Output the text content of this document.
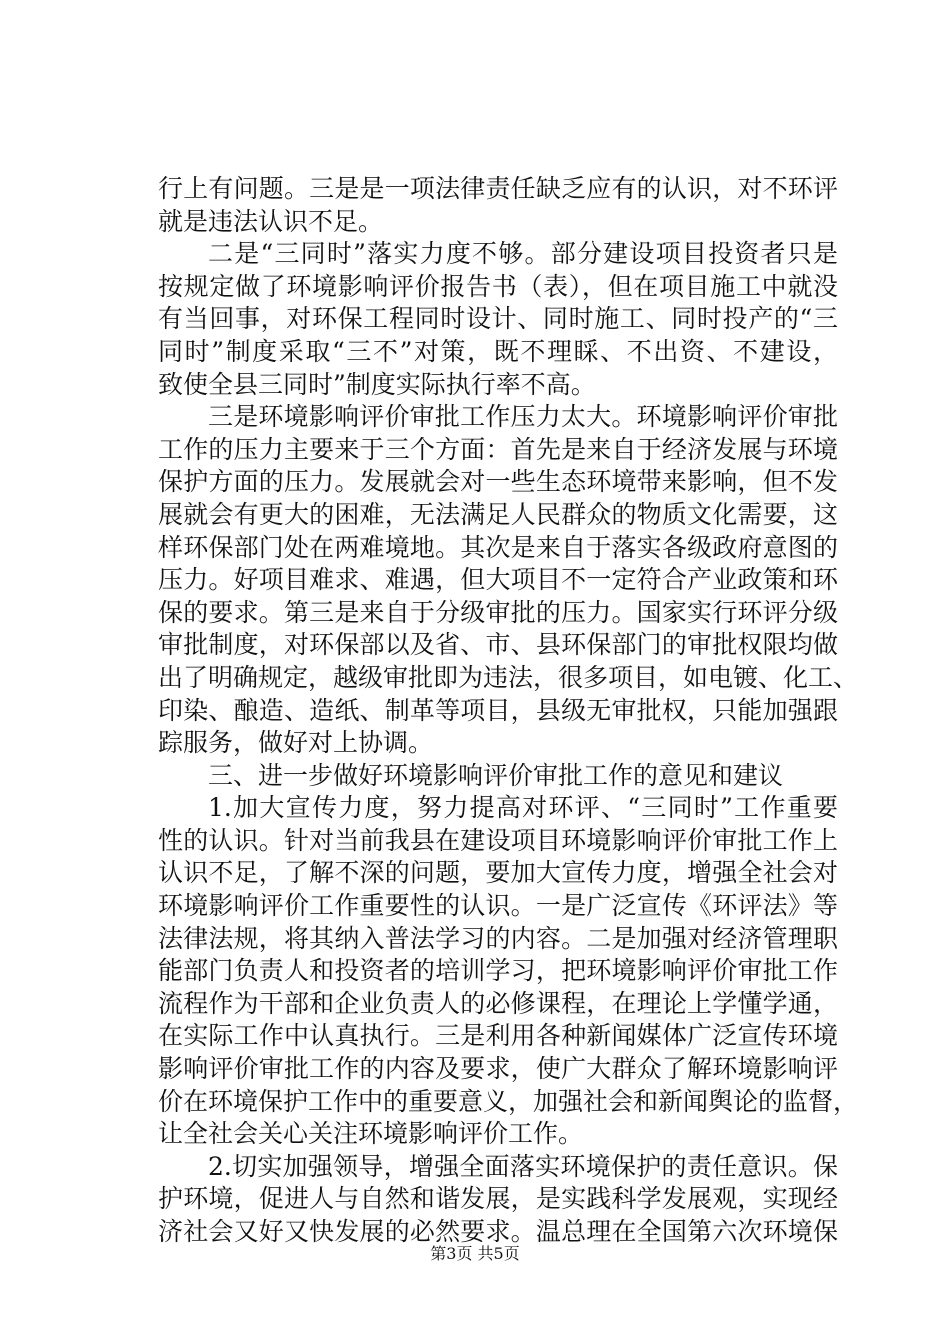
行上有问题。三是是一项法律责任缺乏应有的认识，对不环评
就是违法认识不足。
二是“三同时”落实力度不够。部分建设项目投资者只是
按规定做了环境影响评价报告书（表），但在项目施工中就没
有当回事，对环保工程同时设计、同时施工、同时投产的“三
同时”制度采取“三不”对策，既不理睬、不出资、不建设，
致使全县三同时”制度实际执行率不高。
三是环境影响评价审批工作压力太大。环境影响评价审批
工作的压力主要来于三个方面：首先是来自于经济发展与环境
保护方面的压力。发展就会对一些生态环境带来影响，但不发
展就会有更大的困难，无法满足人民群众的物质文化需要，这
样环保部门处在两难境地。其次是来自于落实各级政府意图的
压力。好项目难求、难遇，但大项目不一定符合产业政策和环
保的要求。第三是来自于分级审批的压力。国家实行环评分级
审批制度，对环保部以及省、市、县环保部门的审批权限均做
出了明确规定，越级审批即为违法，很多项目，如电镀、化工、
印染、酿造、造纸、制革等项目，县级无审批权，只能加强跟
踪服务，做好对上协调。
三、进一步做好环境影响评价审批工作的意见和建议
1.加大宣传力度，努力提高对环评、“三同时”工作重要
性的认识。针对当前我县在建设项目环境影响评价审批工作上
认识不足，了解不深的问题，要加大宣传力度，增强全社会对
环境影响评价工作重要性的认识。一是广泛宣传《环评法》等
法律法规，将其纳入普法学习的内容。二是加强对经济管理职
能部门负责人和投资者的培训学习，把环境影响评价审批工作
流程作为干部和企业负责人的必修课程，在理论上学懂学通，
在实际工作中认真执行。三是利用各种新闻媒体广泛宣传环境
影响评价审批工作的内容及要求，使广大群众了解环境影响评
价在环境保护工作中的重要意义，加强社会和新闻舆论的监督，
让全社会关心关注环境影响评价工作。
2.切实加强领导，增强全面落实环境保护的责任意识。保
护环境，促进人与自然和谐发展，是实践科学发展观，实现经
济社会又好又快发展的必然要求。温总理在全国第六次环境保
第3页 共5页
